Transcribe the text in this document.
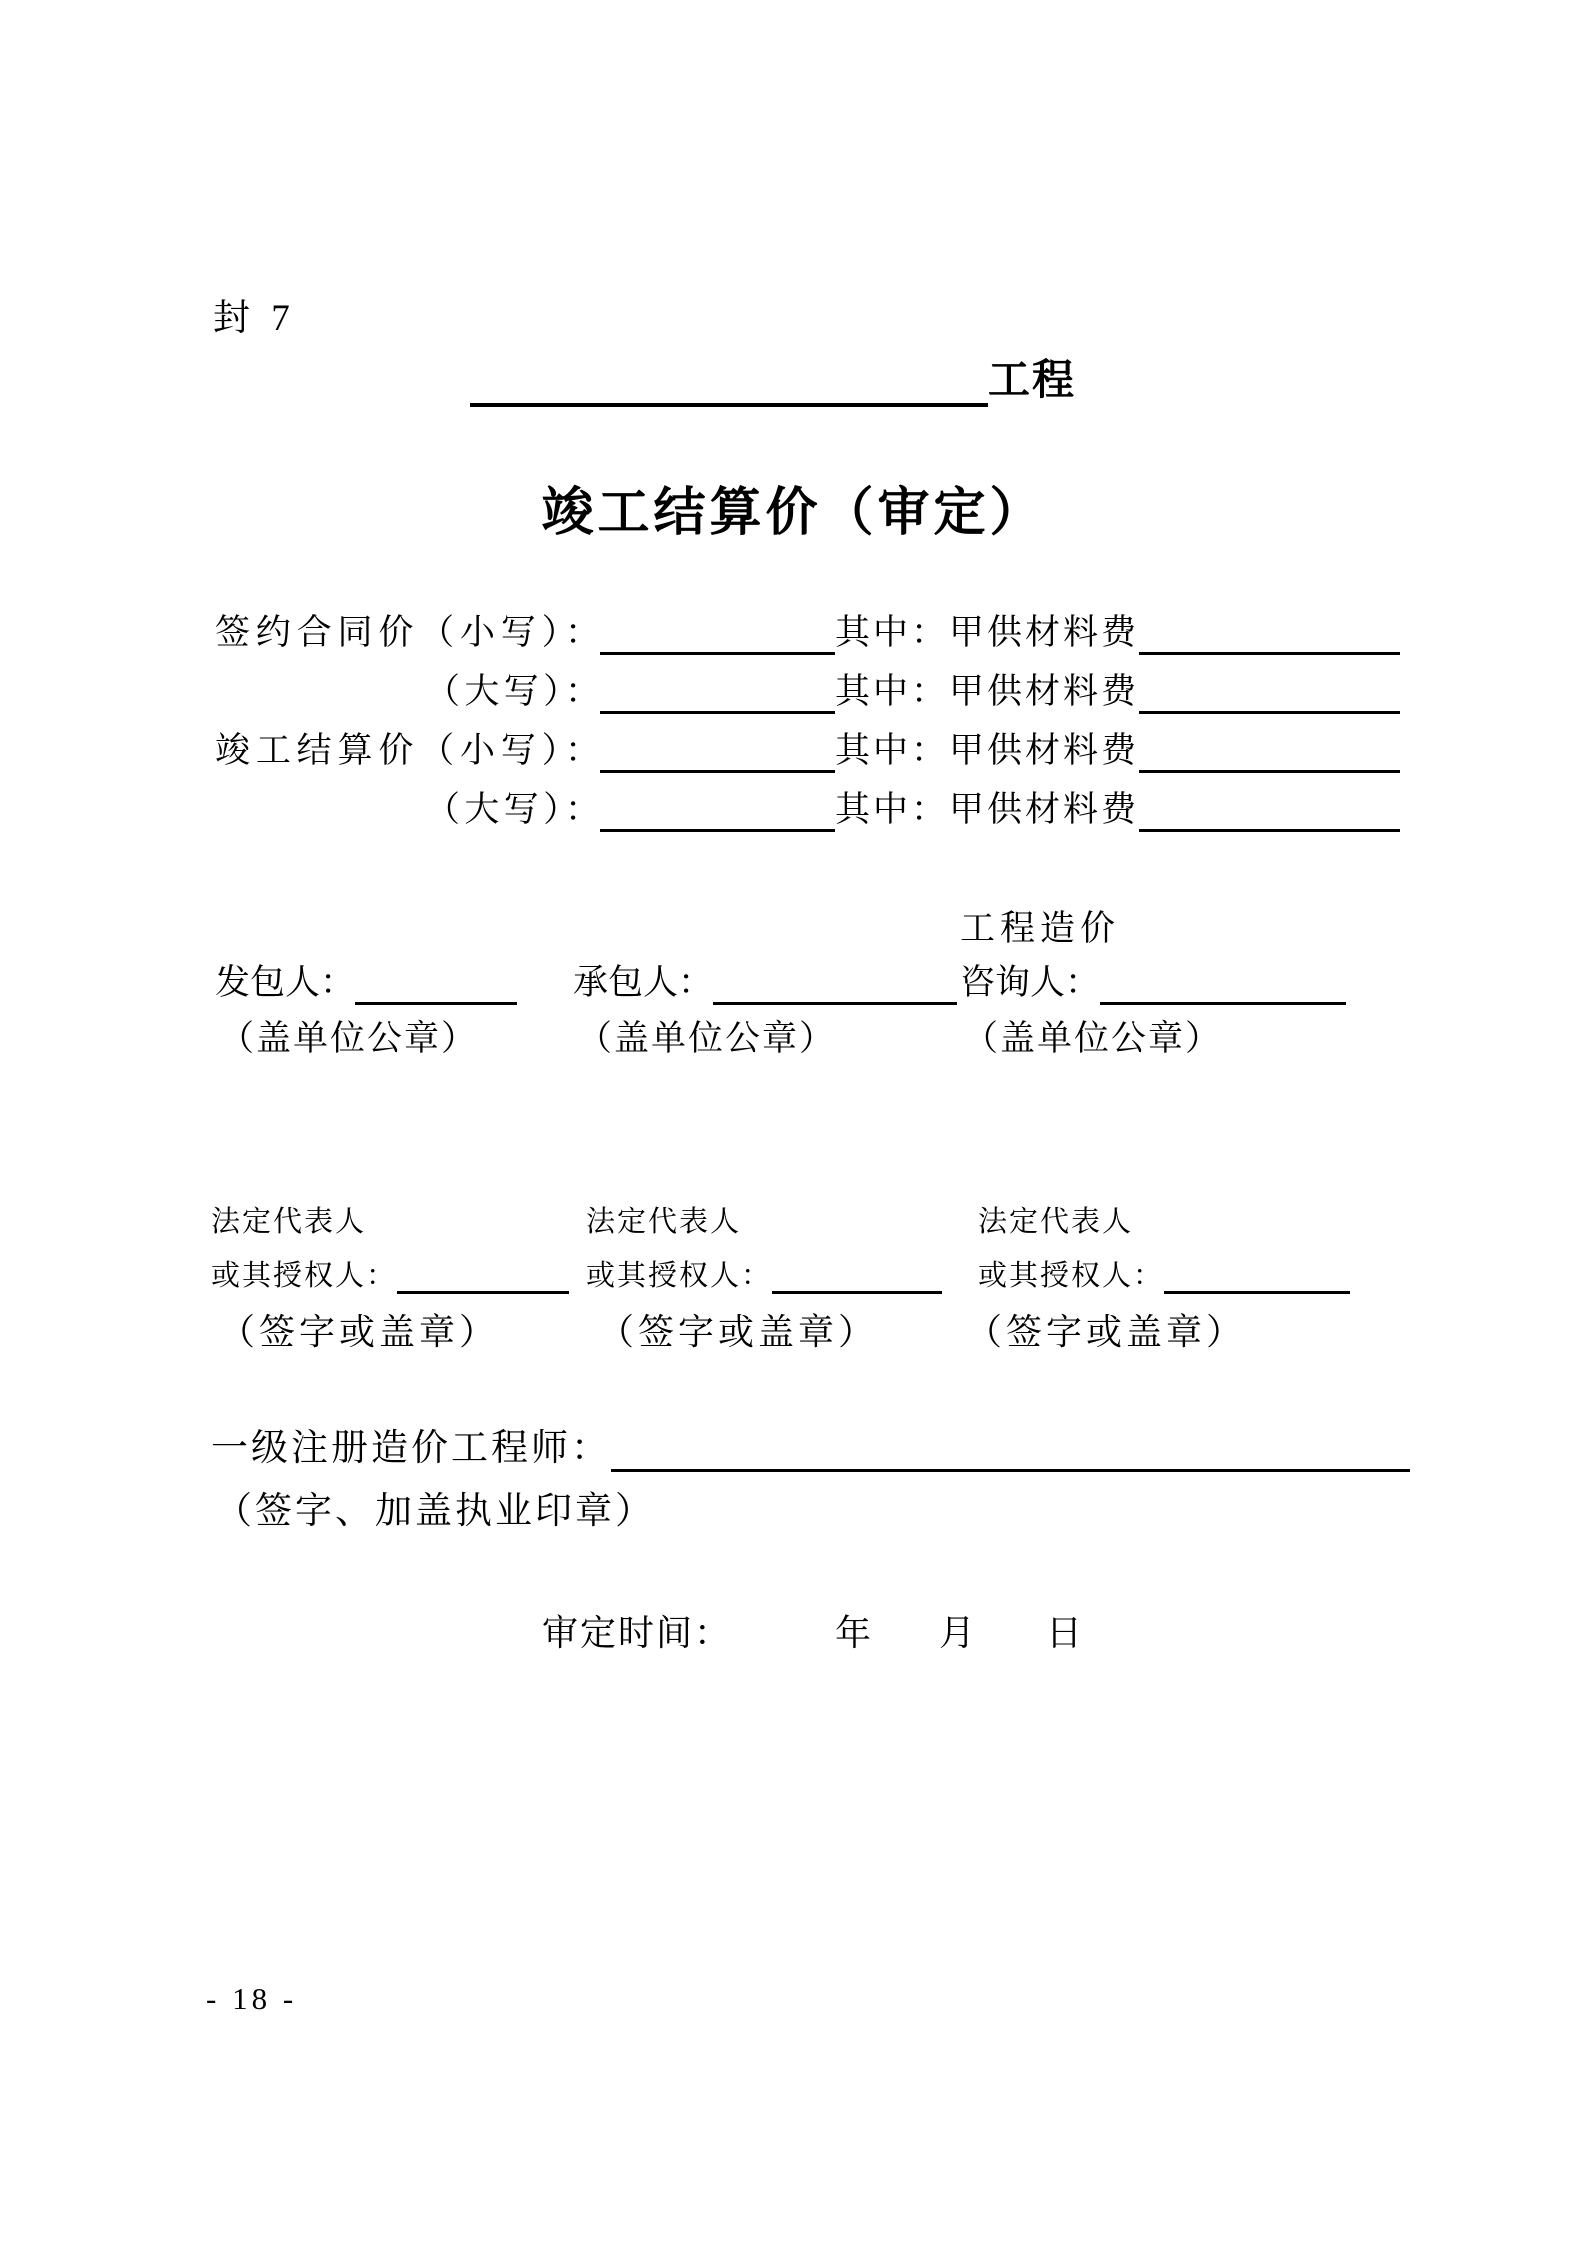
封 7
工程
竣工结算价（审定）
签约合同价（小写）：	其中：甲供材料费
（大写）：	其中：甲供材料费
竣工结算价（小写）：	其中：甲供材料费
（大写）：	其中：甲供材料费
工程造价
发包人：	承包人：	咨询人：
（盖单位公章）	（盖单位公章）	（盖单位公章）
法定代表人	法定代表人	法定代表人
或其授权人：	或其授权人：	或其授权人：
（签字或盖章）	（签字或盖章） （签字或盖章）
一级注册造价工程师：
（签字、加盖执业印章）
审定时间：	年 月 日
- 18 -
